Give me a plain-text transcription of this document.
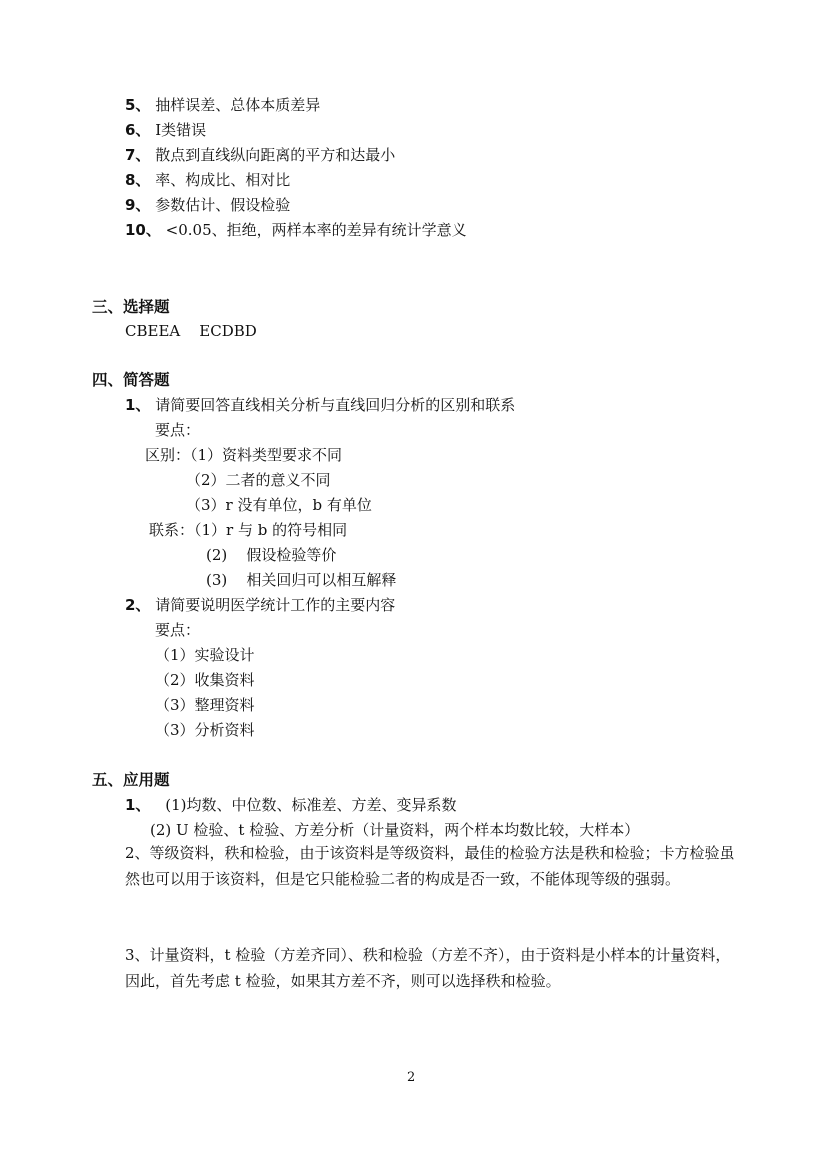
5、 抽样误差、总体本质差异
6、 Ⅰ类错误
7、 散点到直线纵向距离的平方和达最小
8、 率、构成比、相对比
9、 参数估计、假设检验
10、 <0.05、拒绝，两样本率的差异有统计学意义
三、选择题
CBEEA    ECDBD
四、简答题
1、 请简要回答直线相关分析与直线回归分析的区别和联系
要点：
区别：（1）资料类型要求不同
（2）二者的意义不同
（3）r 没有单位，b 有单位
联系：（1）r 与 b 的符号相同
(2)    假设检验等价
(3)    相关回归可以相互解释
2、 请简要说明医学统计工作的主要内容
要点：
（1）实验设计
（2）收集资料
（3）整理资料
（3）分析资料
五、应用题
1、 (1)均数、中位数、标准差、方差、变异系数
(2) U 检验、t 检验、方差分析（计量资料，两个样本均数比较，大样本）
2、等级资料，秩和检验，由于该资料是等级资料，最佳的检验方法是秩和检验；卡方检验虽然也可以用于该资料，但是它只能检验二者的构成是否一致，不能体现等级的强弱。
3、计量资料，t 检验（方差齐同）、秩和检验（方差不齐），由于资料是小样本的计量资料，因此，首先考虑 t 检验，如果其方差不齐，则可以选择秩和检验。
2
